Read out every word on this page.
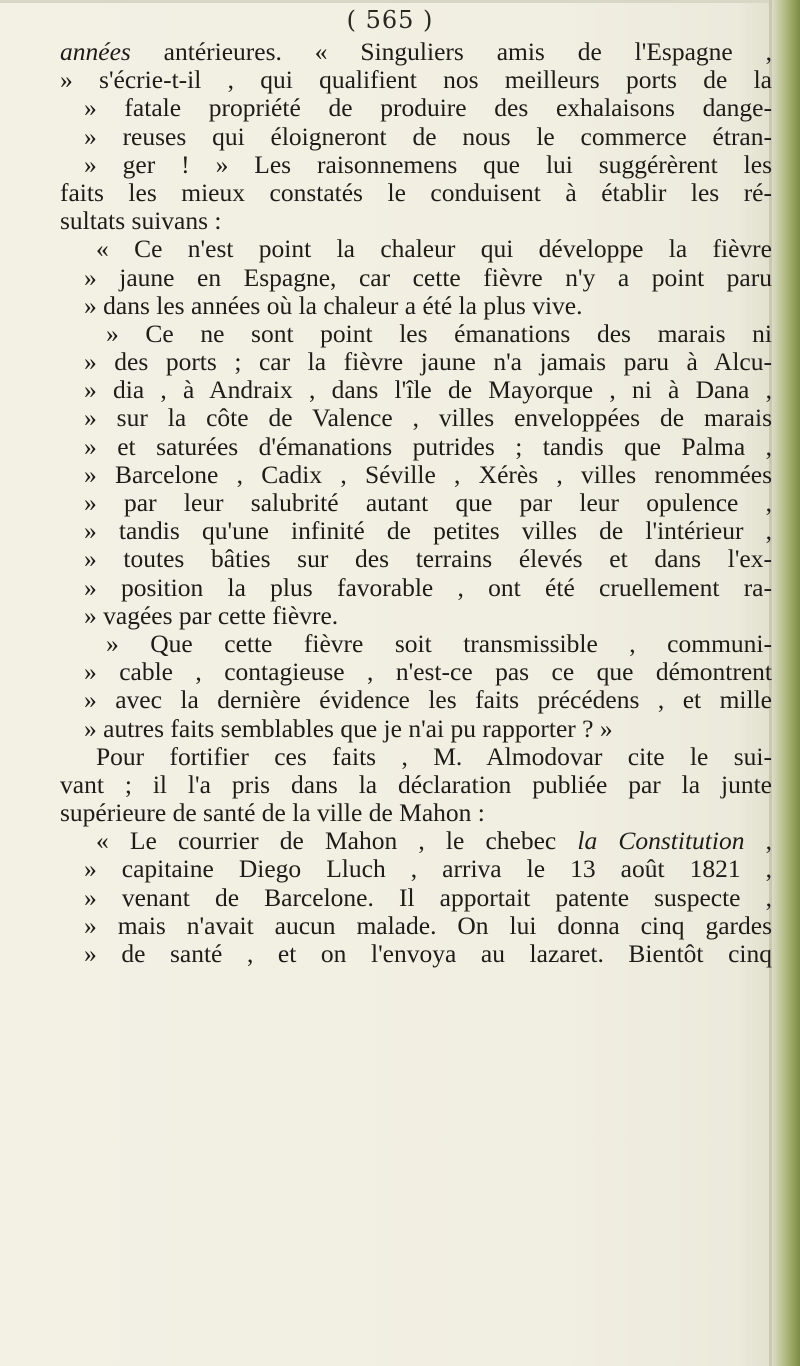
( 565 )
années antérieures. « Singuliers amis de l'Espagne ,
» s'écrie-t-il , qui qualifient nos meilleurs ports de la
» fatale propriété de produire des exhalaisons dange-
» reuses qui éloigneront de nous le commerce étran-
» ger ! » Les raisonnemens que lui suggérèrent les
faits les mieux constatés le conduisent à établir les ré-
sultats suivans :
« Ce n'est point la chaleur qui développe la fièvre
» jaune en Espagne, car cette fièvre n'y a point paru
» dans les années où la chaleur a été la plus vive.
» Ce ne sont point les émanations des marais ni
» des ports ; car la fièvre jaune n'a jamais paru à Alcu-
» dia , à Andraix , dans l'île de Mayorque , ni à Dana ,
» sur la côte de Valence , villes enveloppées de marais
» et saturées d'émanations putrides ; tandis que Palma ,
» Barcelone , Cadix , Séville , Xérès , villes renommées
» par leur salubrité autant que par leur opulence ,
» tandis qu'une infinité de petites villes de l'intérieur ,
» toutes bâties sur des terrains élevés et dans l'ex-
» position la plus favorable , ont été cruellement ra-
» vagées par cette fièvre.
» Que cette fièvre soit transmissible , communi-
» cable , contagieuse , n'est-ce pas ce que démontrent
» avec la dernière évidence les faits précédens , et mille
» autres faits semblables que je n'ai pu rapporter ? »
Pour fortifier ces faits , M. Almodovar cite le sui-
vant ; il l'a pris dans la déclaration publiée par la junte
supérieure de santé de la ville de Mahon :
« Le courrier de Mahon , le chebec la Constitution ,
» capitaine Diego Lluch , arriva le 13 août 1821 ,
» venant de Barcelone. Il apportait patente suspecte ,
» mais n'avait aucun malade. On lui donna cinq gardes
» de santé , et on l'envoya au lazaret. Bientôt cinq
